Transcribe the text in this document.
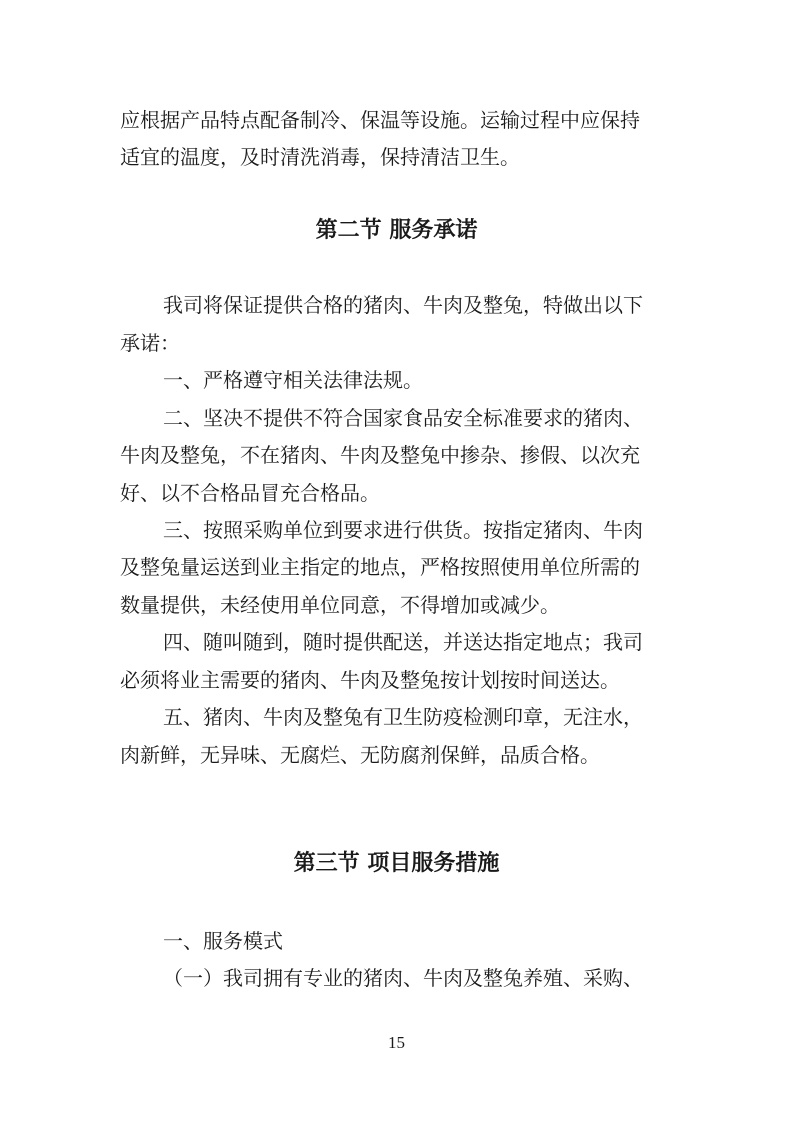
应根据产品特点配备制冷、保温等设施。运输过程中应保持
适宜的温度，及时清洗消毒，保持清洁卫生。
第二节 服务承诺
我司将保证提供合格的猪肉、牛肉及整兔，特做出以下
承诺：
一、严格遵守相关法律法规。
二、坚决不提供不符合国家食品安全标准要求的猪肉、
牛肉及整兔，不在猪肉、牛肉及整兔中掺杂、掺假、以次充
好、以不合格品冒充合格品。
三、按照采购单位到要求进行供货。按指定猪肉、牛肉
及整兔量运送到业主指定的地点，严格按照使用单位所需的
数量提供，未经使用单位同意，不得增加或减少。
四、随叫随到，随时提供配送，并送达指定地点；我司
必须将业主需要的猪肉、牛肉及整兔按计划按时间送达。
五、猪肉、牛肉及整兔有卫生防疫检测印章，无注水，
肉新鲜，无异味、无腐烂、无防腐剂保鲜，品质合格。
第三节 项目服务措施
一、服务模式
（一）我司拥有专业的猪肉、牛肉及整兔养殖、采购、
15
